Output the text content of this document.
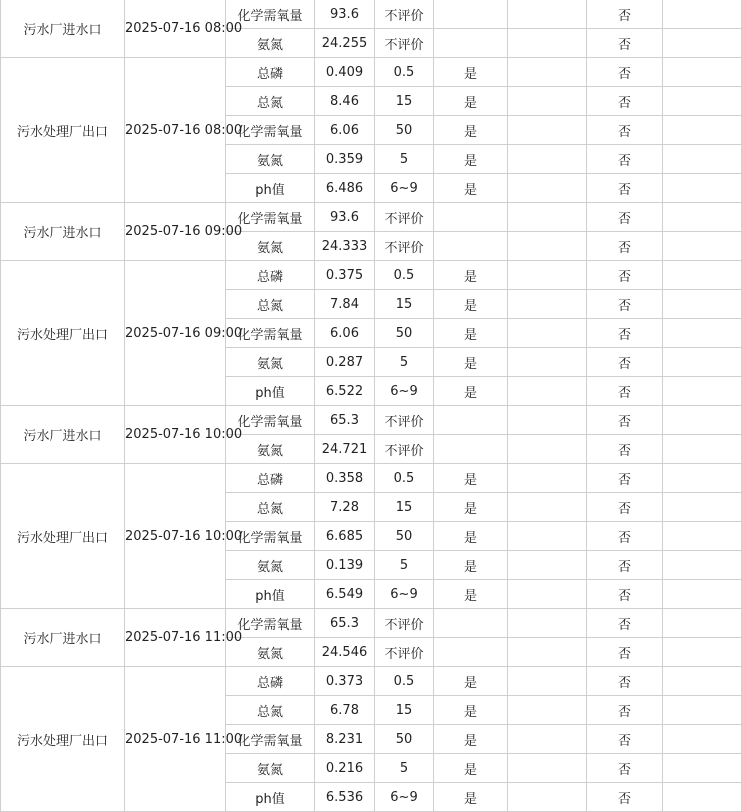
污水厂进水口	2025-07-16 08:00	化学需氧量	93.6	不评价			否	
		氨氮	24.255	不评价			否	
污水处理厂出口	2025-07-16 08:00	总磷	0.409	0.5	是		否	
		总氮	8.46	15	是		否	
		化学需氧量	6.06	50	是		否	
		氨氮	0.359	5	是		否	
		ph值	6.486	6~9	是		否	
污水厂进水口	2025-07-16 09:00	化学需氧量	93.6	不评价			否	
		氨氮	24.333	不评价			否	
污水处理厂出口	2025-07-16 09:00	总磷	0.375	0.5	是		否	
		总氮	7.84	15	是		否	
		化学需氧量	6.06	50	是		否	
		氨氮	0.287	5	是		否	
		ph值	6.522	6~9	是		否	
污水厂进水口	2025-07-16 10:00	化学需氧量	65.3	不评价			否	
		氨氮	24.721	不评价			否	
污水处理厂出口	2025-07-16 10:00	总磷	0.358	0.5	是		否	
		总氮	7.28	15	是		否	
		化学需氧量	6.685	50	是		否	
		氨氮	0.139	5	是		否	
		ph值	6.549	6~9	是		否	
污水厂进水口	2025-07-16 11:00	化学需氧量	65.3	不评价			否	
		氨氮	24.546	不评价			否	
污水处理厂出口	2025-07-16 11:00	总磷	0.373	0.5	是		否	
		总氮	6.78	15	是		否	
		化学需氧量	8.231	50	是		否	
		氨氮	0.216	5	是		否	
		ph值	6.536	6~9	是		否	
